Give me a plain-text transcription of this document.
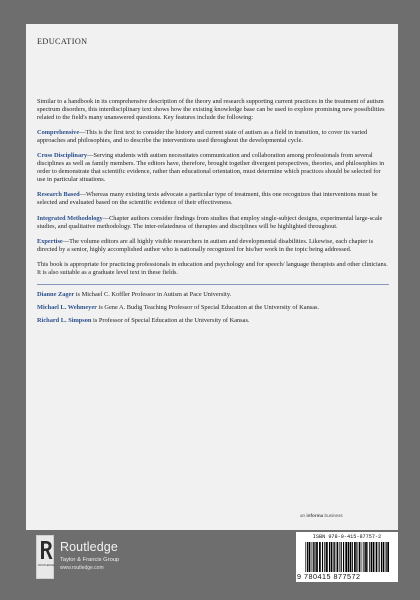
EDUCATION

Similar to a handbook in its comprehensive description of the theory and research supporting current practices in the treatment of autism spectrum disorders, this interdisciplinary text shows how the existing knowledge base can be used to explore promising new possibilities related to the field's many unanswered questions. Key features include the following:

Comprehensive—This is the first text to consider the history and current state of autism as a field in transition, to cover its varied approaches and philosophies, and to describe the interventions used throughout the developmental cycle.

Cross Disciplinary—Serving students with autism necessitates communication and collaboration among professionals from several disciplines as well as family members. The editors have, therefore, brought together divergent perspectives, theories, and philosophies in order to demonstrate that scientific evidence, rather than educational orientation, must determine which practices should be selected for use in particular situations.

Research Based—Whereas many existing texts advocate a particular type of treatment, this one recognizes that interventions must be selected and evaluated based on the scientific evidence of their effectiveness.

Integrated Methodology—Chapter authors consider findings from studies that employ single-subject designs, experimental large-scale studies, and qualitative methodology. The inter-relatedness of therapies and disciplines will be highlighted throughout.

Expertise—The volume editors are all highly visible researchers in autism and developmental disabilities. Likewise, each chapter is directed by a senior, highly accomplished author who is nationally recognized for his/her work in the topic being addressed.

This book is appropriate for practicing professionals in education and psychology and for speech/ language therapists and other clinicians. It is also suitable as a graduate level text in these fields.

Dianne Zager is Michael C. Koffler Professor in Autism at Pace University.

Michael L. Wehmeyer is Gene A. Budig Teaching Professor of Special Education at the University of Kansas.

Richard L. Simpson is Professor of Special Education at the University of Kansas.

an informa business
ROUTLEDGE
Routledge
Taylor & Francis Group
www.routledge.com
ISBN 978-0-415-87757-2
9 780415 877572
